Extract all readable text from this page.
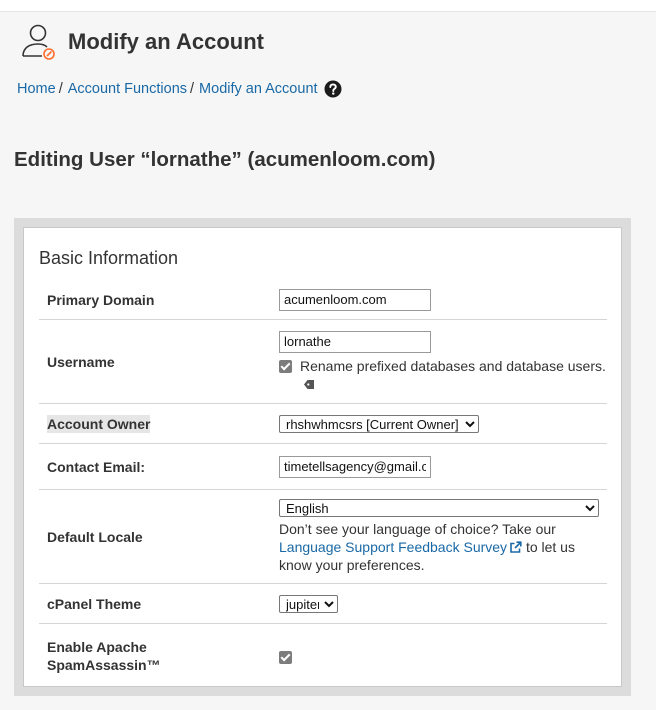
Modify an Account
Home / Account Functions / Modify an Account
Editing User “lornathe” (acumenloom.com)
Basic Information
Primary Domain
acumenloom.com
Username
lornathe	Rename prefixed databases and database users.
Account Owner
rhshwhmcsrs [Current Owner]
Contact Email:
timetellsagency@gmail.com
Default Locale
English	Don’t see your language of choice? Take our Language Support Feedback Survey to let us know your preferences.
cPanel Theme
jupiter
Enable Apache SpamAssassin™
